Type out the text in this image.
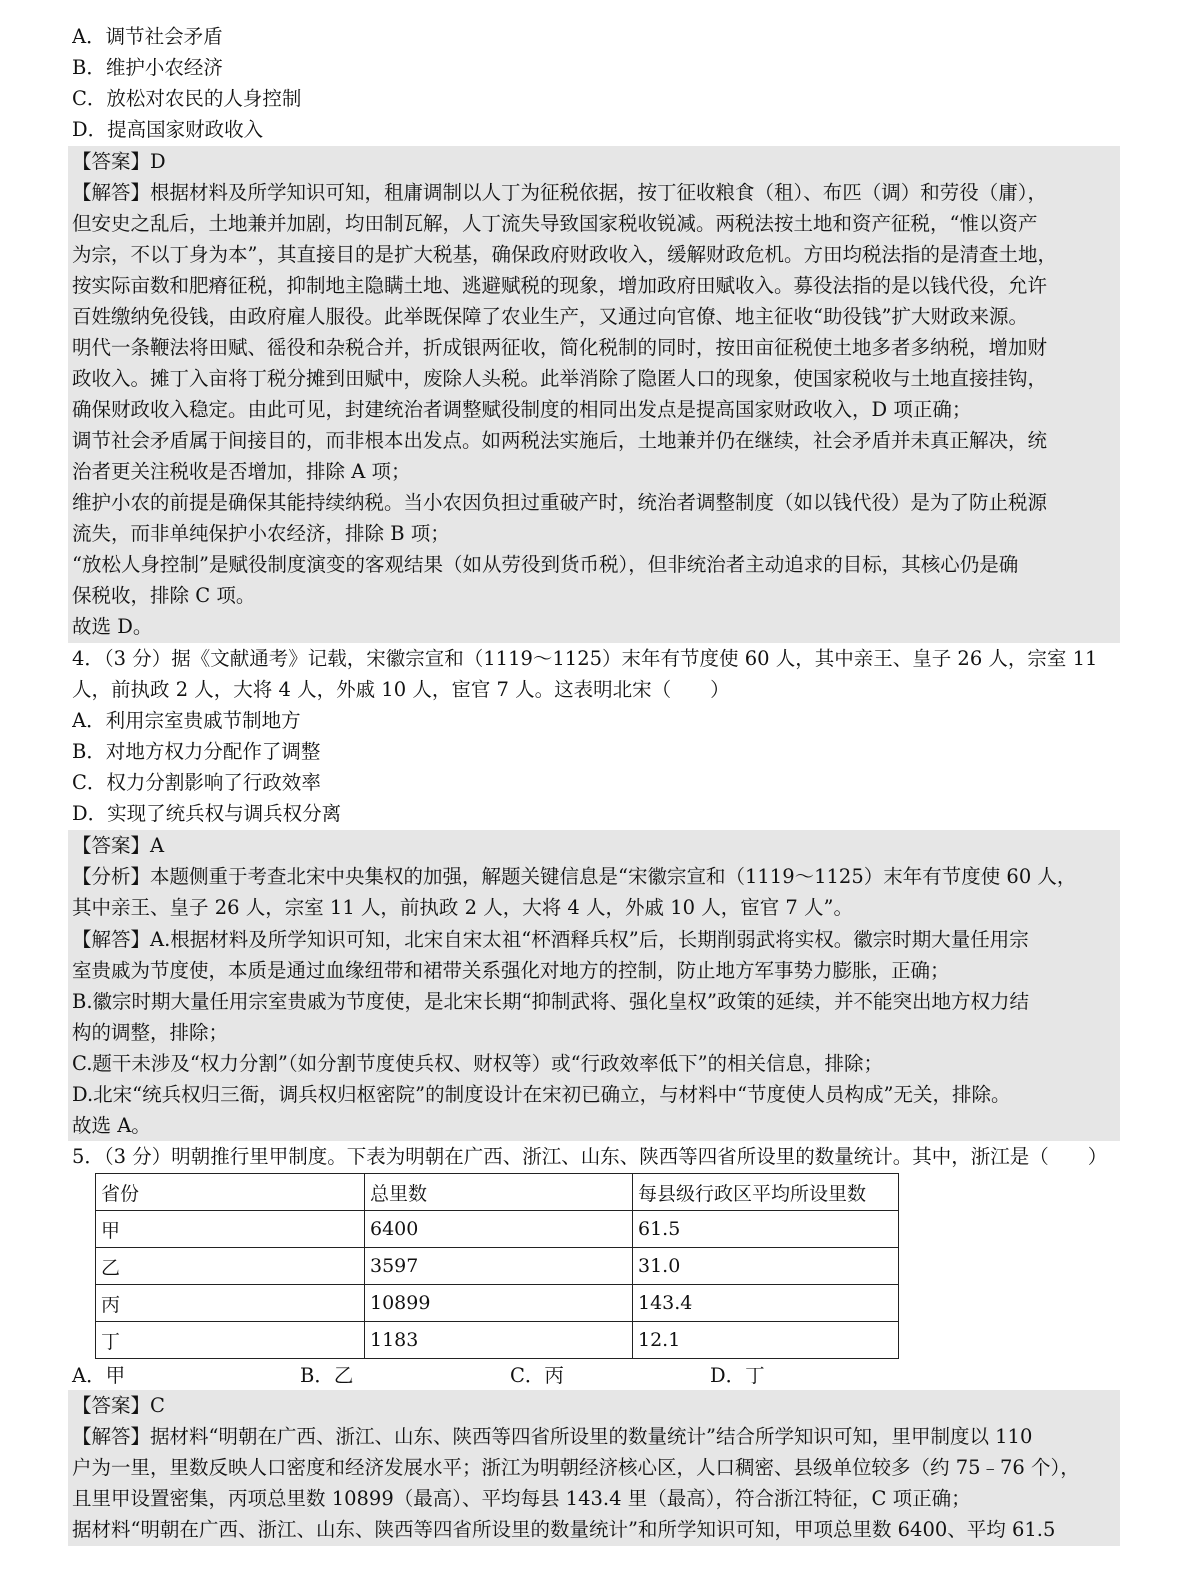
A．调节社会矛盾
B．维护小农经济
C．放松对农民的人身控制
D．提高国家财政收入
【答案】D
【解答】根据材料及所学知识可知，租庸调制以人丁为征税依据，按丁征收粮食（租）、布匹（调）和劳役（庸），
但安史之乱后，土地兼并加剧，均田制瓦解，人丁流失导致国家税收锐减。两税法按土地和资产征税，“惟以资产
为宗，不以丁身为本”，其直接目的是扩大税基，确保政府财政收入，缓解财政危机。方田均税法指的是清查土地，
按实际亩数和肥瘠征税，抑制地主隐瞒土地、逃避赋税的现象，增加政府田赋收入。募役法指的是以钱代役，允许
百姓缴纳免役钱，由政府雇人服役。此举既保障了农业生产，又通过向官僚、地主征收“助役钱”扩大财政来源。
明代一条鞭法将田赋、徭役和杂税合并，折成银两征收，简化税制的同时，按田亩征税使土地多者多纳税，增加财
政收入。摊丁入亩将丁税分摊到田赋中，废除人头税。此举消除了隐匿人口的现象，使国家税收与土地直接挂钩，
确保财政收入稳定。由此可见，封建统治者调整赋役制度的相同出发点是提高国家财政收入，D 项正确；
调节社会矛盾属于间接目的，而非根本出发点。如两税法实施后，土地兼并仍在继续，社会矛盾并未真正解决，统
治者更关注税收是否增加，排除 A 项；
维护小农的前提是确保其能持续纳税。当小农因负担过重破产时，统治者调整制度（如以钱代役）是为了防止税源
流失，而非单纯保护小农经济，排除 B 项；
“放松人身控制”是赋役制度演变的客观结果（如从劳役到货币税），但非统治者主动追求的目标，其核心仍是确
保税收，排除 C 项。
故选 D。
4．（3 分）据《文献通考》记载，宋徽宗宣和（1119～1125）末年有节度使 60 人，其中亲王、皇子 26 人，宗室 11
人，前执政 2 人，大将 4 人，外戚 10 人，宦官 7 人。这表明北宋（　　）
A．利用宗室贵戚节制地方
B．对地方权力分配作了调整
C．权力分割影响了行政效率
D．实现了统兵权与调兵权分离
【答案】A
【分析】本题侧重于考查北宋中央集权的加强，解题关键信息是“宋徽宗宣和（1119～1125）末年有节度使 60 人，
其中亲王、皇子 26 人，宗室 11 人，前执政 2 人，大将 4 人，外戚 10 人，宦官 7 人”。
【解答】A.根据材料及所学知识可知，北宋自宋太祖“杯酒释兵权”后，长期削弱武将实权。徽宗时期大量任用宗
室贵戚为节度使，本质是通过血缘纽带和裙带关系强化对地方的控制，防止地方军事势力膨胀，正确；
B.徽宗时期大量任用宗室贵戚为节度使，是北宋长期“抑制武将、强化皇权”政策的延续，并不能突出地方权力结
构的调整，排除；
C.题干未涉及“权力分割”（如分割节度使兵权、财权等）或“行政效率低下”的相关信息，排除；
D.北宋“统兵权归三衙，调兵权归枢密院”的制度设计在宋初已确立，与材料中“节度使人员构成”无关，排除。
故选 A。
5．（3 分）明朝推行里甲制度。下表为明朝在广西、浙江、山东、陕西等四省所设里的数量统计。其中，浙江是（　　）
省份	总里数	每县级行政区平均所设里数
甲	6400	61.5
乙	3597	31.0
丙	10899	143.4
丁	1183	12.1
A．甲	B．乙	C．丙	D．丁
【答案】C
【解答】据材料“明朝在广西、浙江、山东、陕西等四省所设里的数量统计”结合所学知识可知，里甲制度以 110
户为一里，里数反映人口密度和经济发展水平；浙江为明朝经济核心区，人口稠密、县级单位较多（约 75﹣76 个），
且里甲设置密集，丙项总里数 10899（最高）、平均每县 143.4 里（最高），符合浙江特征，C 项正确；
据材料“明朝在广西、浙江、山东、陕西等四省所设里的数量统计”和所学知识可知，甲项总里数 6400、平均 61.5
